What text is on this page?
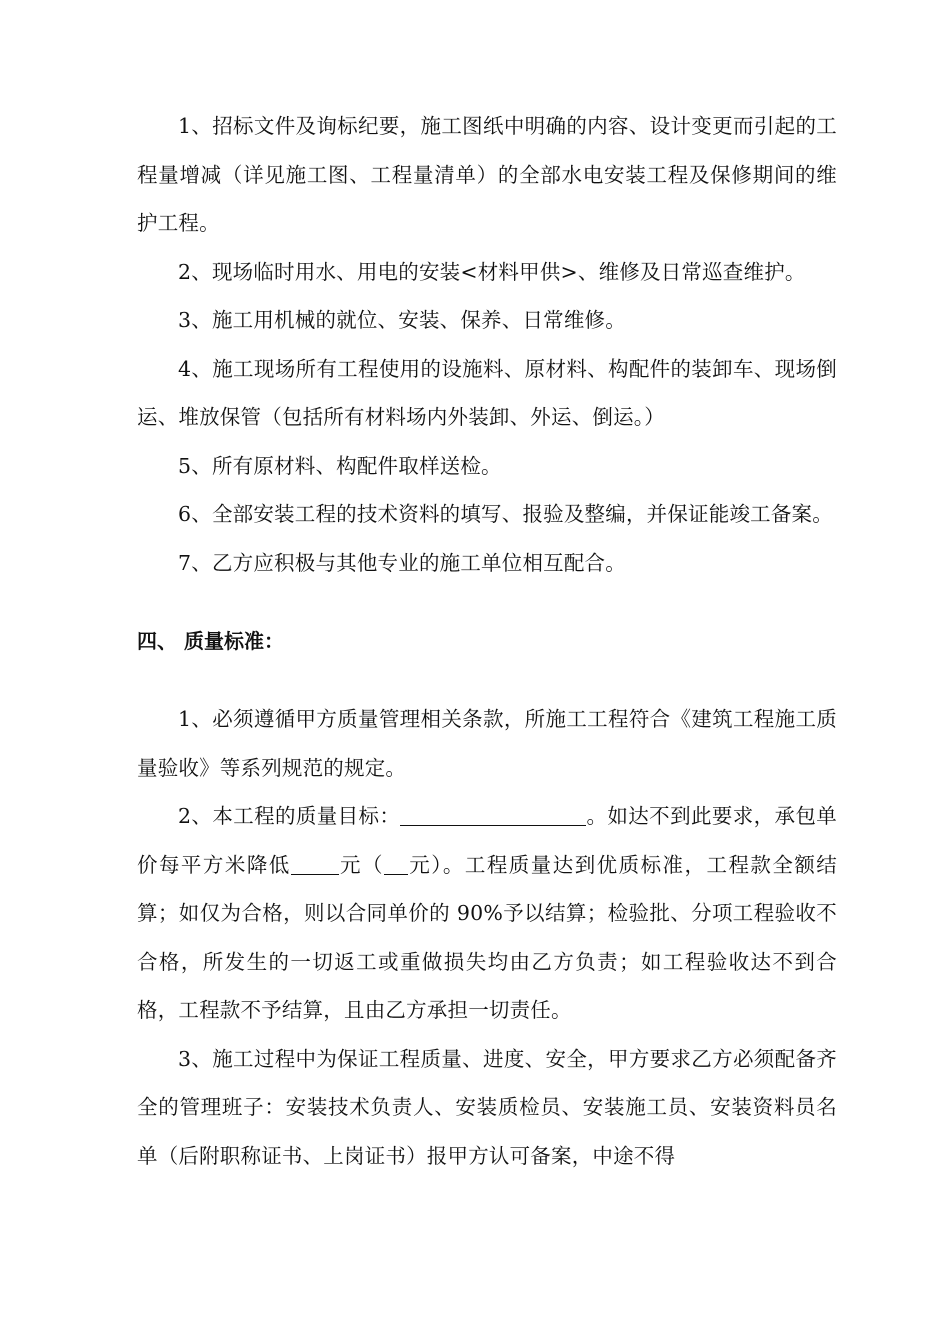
1、招标文件及询标纪要，施工图纸中明确的内容、设计变更而引起的工程量增减（详见施工图、工程量清单）的全部水电安装工程及保修期间的维护工程。

2、现场临时用水、用电的安装<材料甲供>、维修及日常巡查维护。

3、施工用机械的就位、安装、保养、日常维修。

4、施工现场所有工程使用的设施料、原材料、构配件的装卸车、现场倒运、堆放保管（包括所有材料场内外装卸、外运、倒运。）

5、所有原材料、构配件取样送检。

6、全部安装工程的技术资料的填写、报验及整编，并保证能竣工备案。

7、乙方应积极与其他专业的施工单位相互配合。

四、 质量标准：

1、必须遵循甲方质量管理相关条款，所施工工程符合《建筑工程施工质量验收》等系列规范的规定。

2、本工程的质量目标：	。如达不到此要求，承包单价每平方米降低 元（ 元）。工程质量达到优质标准，工程款全额结算；如仅为合格，则以合同单价的 90%予以结算；检验批、分项工程验收不合格，所发生的一切返工或重做损失均由乙方负责；如工程验收达不到合格，工程款不予结算，且由乙方承担一切责任。

3、施工过程中为保证工程质量、进度、安全，甲方要求乙方必须配备齐全的管理班子：安装技术负责人、安装质检员、安装施工员、安装资料员名单（后附职称证书、上岗证书）报甲方认可备案，中途不得
